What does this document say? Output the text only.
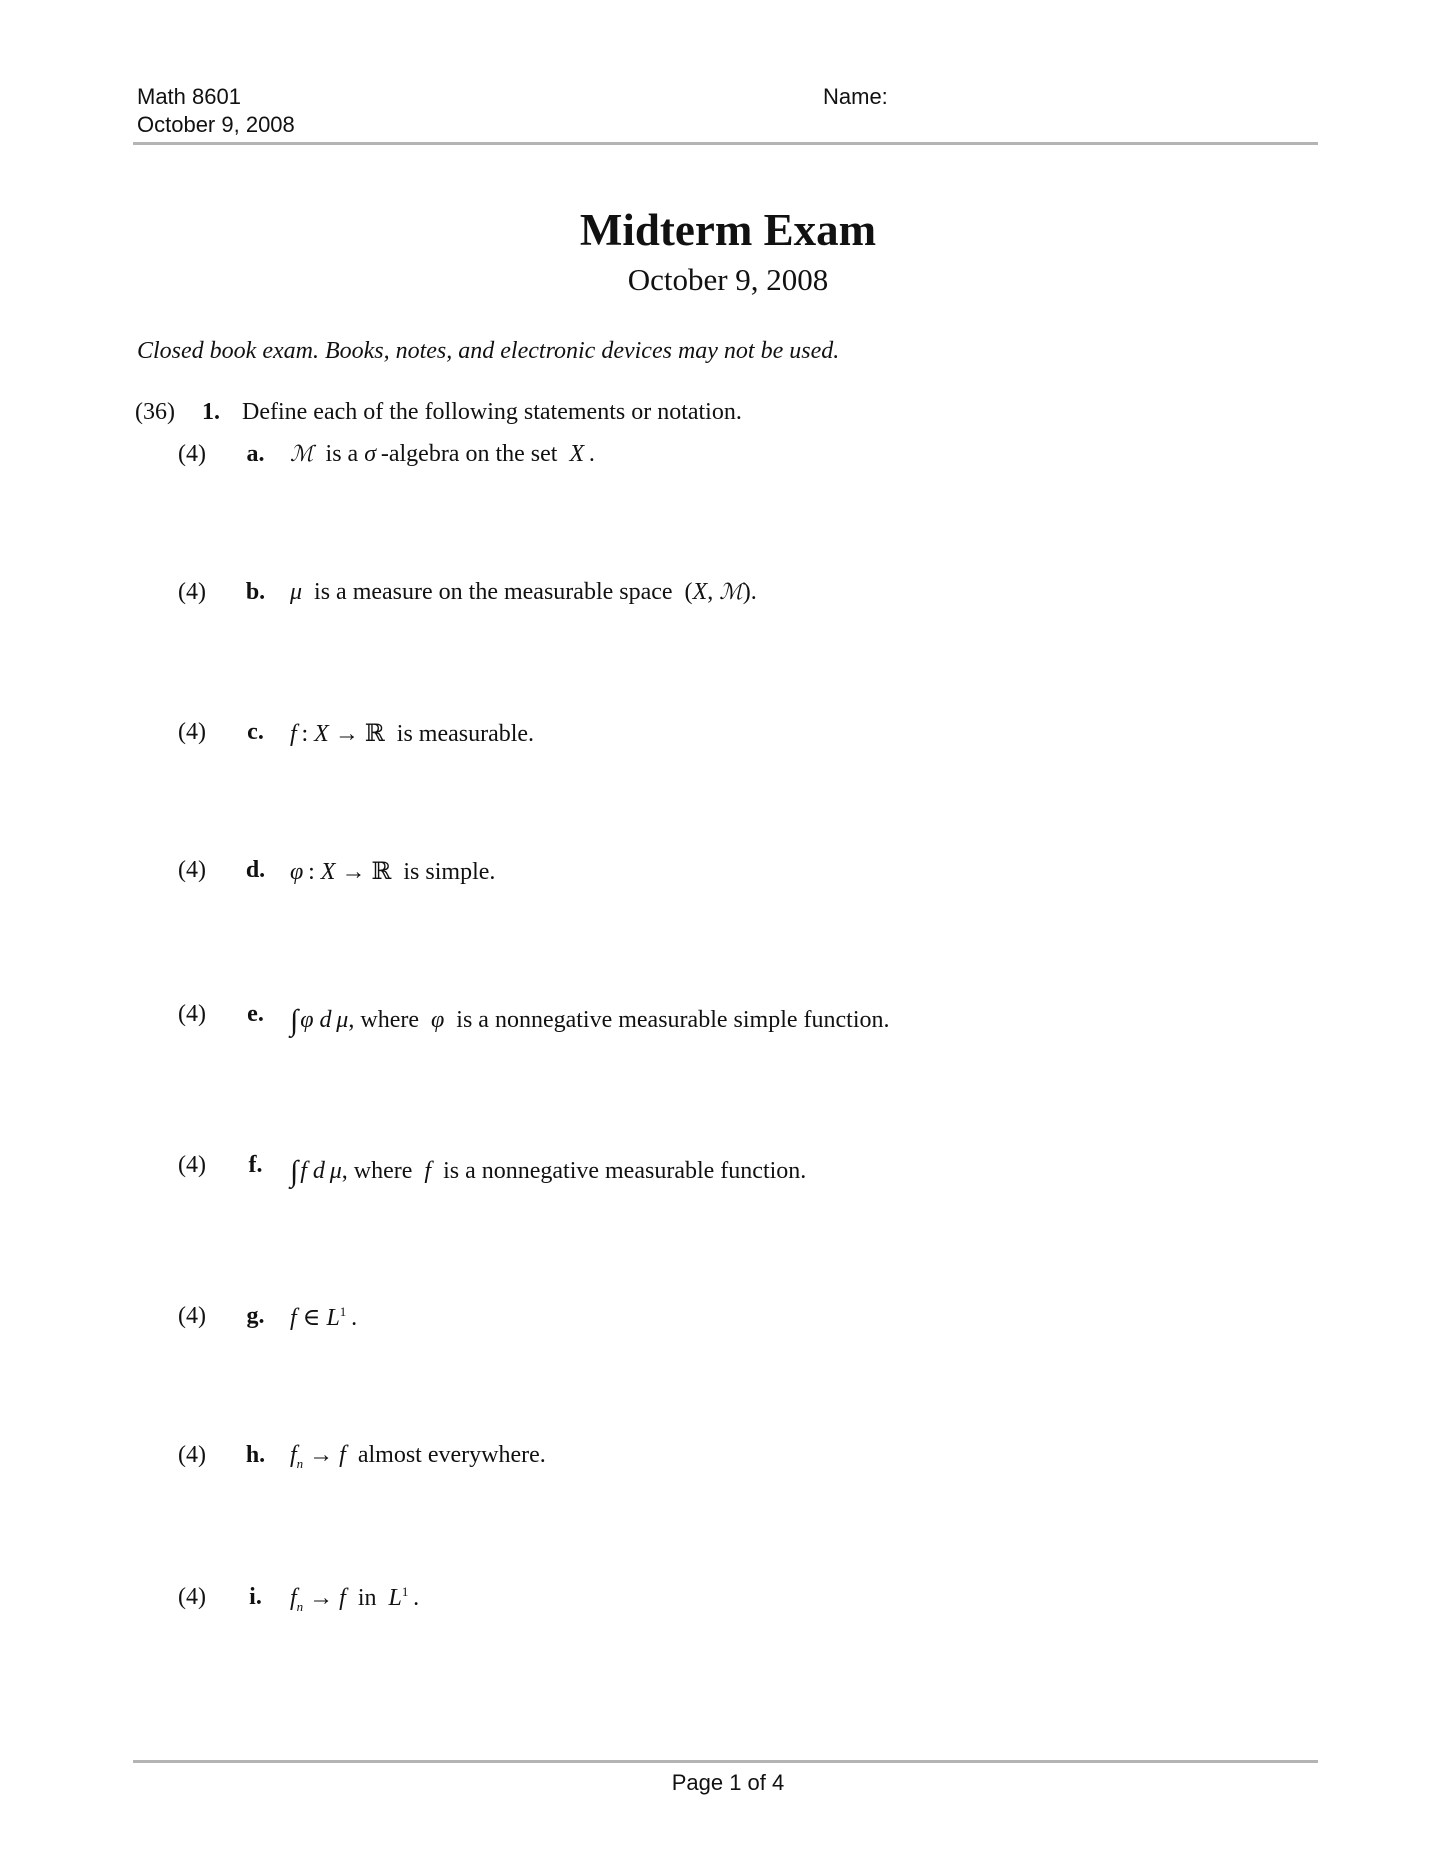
Math 8601
October 9, 2008
Name:
Midterm Exam
October 9, 2008
Closed book exam. Books, notes, and electronic devices may not be used.
(36) 1. Define each of the following statements or notation.
(4) a. ℳ  is a σ -algebra on the set  X .
(4) b. μ  is a measure on the measurable space  (X, ℳ).
(4) c. f : X → ℝ  is measurable.
(4) d. φ : X → ℝ  is simple.
(4) e. ∫φ d μ, where  φ  is a nonnegative measurable simple function.
(4) f. ∫f d μ, where  f  is a nonnegative measurable function.
(4) g. f ∈ $L^1$ .
(4) h. $f_n \to f$  almost everywhere.
(4) i. $f_n \to f$  in  $L^1$ .
Page 1 of 4
